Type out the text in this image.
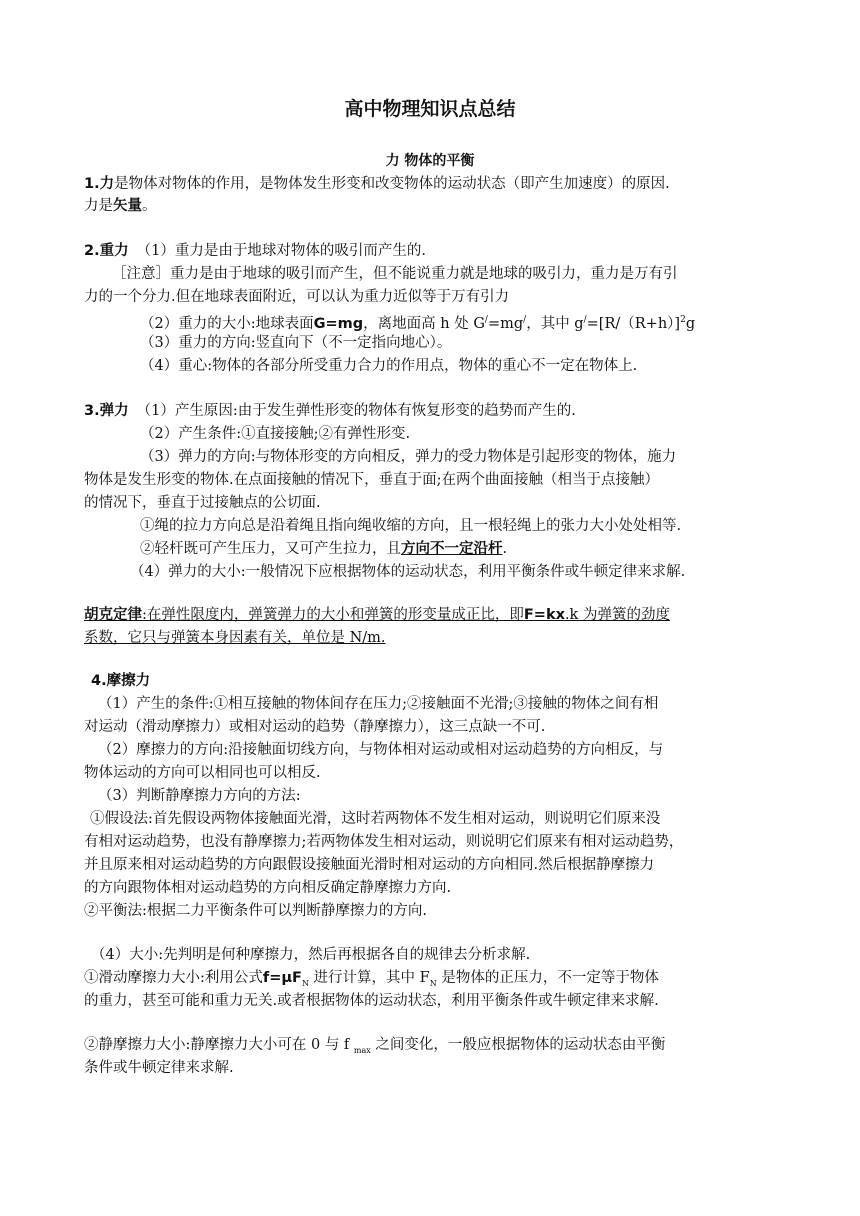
高中物理知识点总结
力 物体的平衡
1.力是物体对物体的作用，是物体发生形变和改变物体的运动状态（即产生加速度）的原因.
力是矢量。
2.重力 （1）重力是由于地球对物体的吸引而产生的.
［注意］重力是由于地球的吸引而产生，但不能说重力就是地球的吸引力，重力是万有引
力的一个分力.但在地球表面附近，可以认为重力近似等于万有引力
（2）重力的大小:地球表面G=mg，离地面高 h 处 G/=mg/，其中 $g^/=[R/(R+h)]^2g$
（3）重力的方向:竖直向下（不一定指向地心）。
（4）重心:物体的各部分所受重力合力的作用点，物体的重心不一定在物体上.
3.弹力 （1）产生原因:由于发生弹性形变的物体有恢复形变的趋势而产生的.
（2）产生条件:①直接接触;②有弹性形变.
（3）弹力的方向:与物体形变的方向相反，弹力的受力物体是引起形变的物体，施力
物体是发生形变的物体.在点面接触的情况下，垂直于面;在两个曲面接触（相当于点接触）
的情况下，垂直于过接触点的公切面.
①绳的拉力方向总是沿着绳且指向绳收缩的方向，且一根轻绳上的张力大小处处相等.
②轻杆既可产生压力，又可产生拉力，且方向不一定沿杆.
（4）弹力的大小:一般情况下应根据物体的运动状态，利用平衡条件或牛顿定律来求解.
胡克定律:在弹性限度内，弹簧弹力的大小和弹簧的形变量成正比，即F=kx.k 为弹簧的劲度
系数，它只与弹簧本身因素有关，单位是 N/m.
4.摩擦力
（1）产生的条件:①相互接触的物体间存在压力;②接触面不光滑;③接触的物体之间有相
对运动（滑动摩擦力）或相对运动的趋势（静摩擦力），这三点缺一不可.
（2）摩擦力的方向:沿接触面切线方向，与物体相对运动或相对运动趋势的方向相反，与
物体运动的方向可以相同也可以相反.
（3）判断静摩擦力方向的方法:
①假设法:首先假设两物体接触面光滑，这时若两物体不发生相对运动，则说明它们原来没
有相对运动趋势，也没有静摩擦力;若两物体发生相对运动，则说明它们原来有相对运动趋势，
并且原来相对运动趋势的方向跟假设接触面光滑时相对运动的方向相同.然后根据静摩擦力
的方向跟物体相对运动趋势的方向相反确定静摩擦力方向.
②平衡法:根据二力平衡条件可以判断静摩擦力的方向.
（4）大小:先判明是何种摩擦力，然后再根据各自的规律去分析求解.
①滑动摩擦力大小:利用公式$f=\mu F_N$ 进行计算，其中 $F_N$ 是物体的正压力，不一定等于物体
的重力，甚至可能和重力无关.或者根据物体的运动状态，利用平衡条件或牛顿定律来求解.
②静摩擦力大小:静摩擦力大小可在 0 与 f $_{max}$ 之间变化，一般应根据物体的运动状态由平衡
条件或牛顿定律来求解.
